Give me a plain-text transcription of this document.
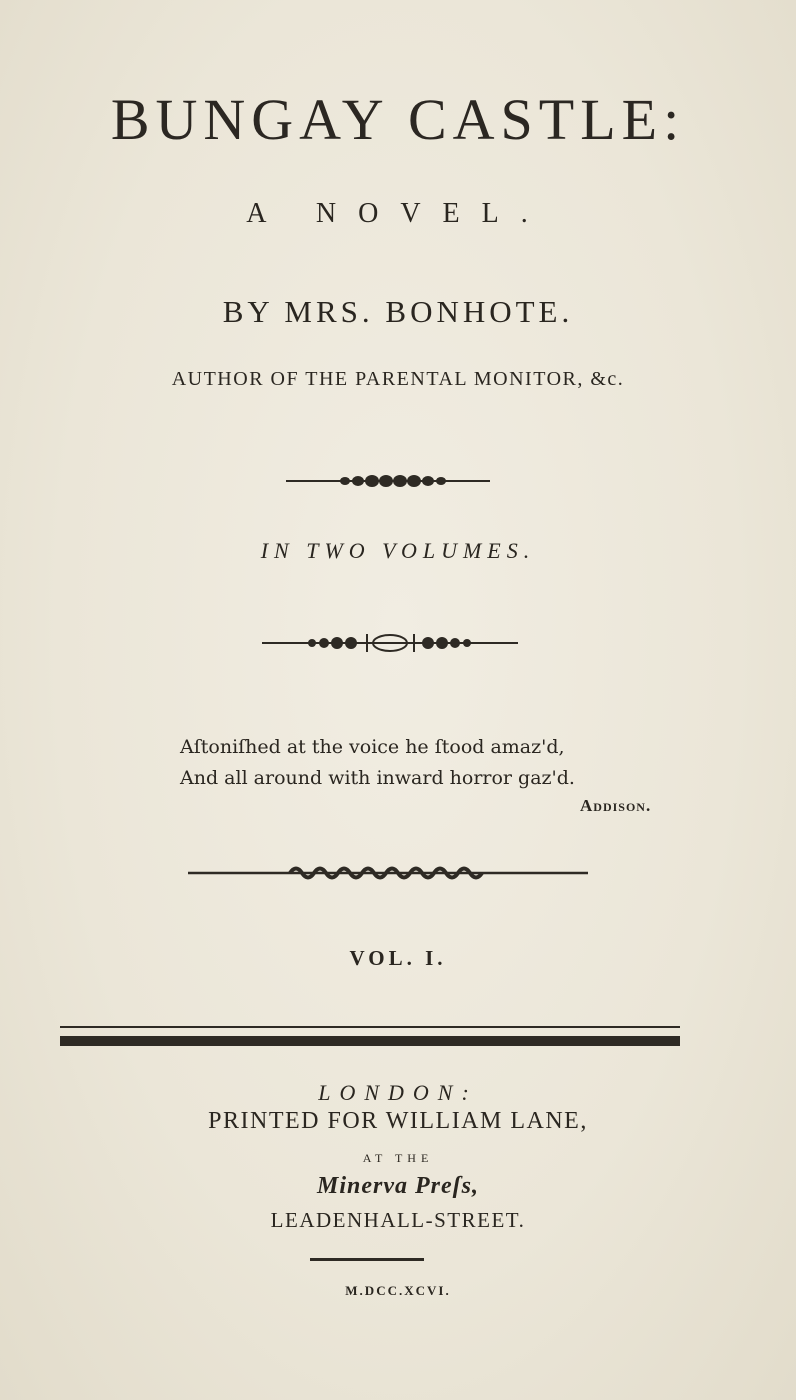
BUNGAY CASTLE:
A NOVEL.
BY MRS. BONHOTE.
AUTHOR OF THE PARENTAL MONITOR, &c.
IN TWO VOLUMES.
Aſtoniſhed at the voice he ſtood amaz'd,
And all around with inward horror gaz'd.
Addison.
VOL. I.
LONDON:
PRINTED FOR WILLIAM LANE,
AT THE
Minerva Preſs,
LEADENHALL-STREET.
M.DCC.XCVI.
